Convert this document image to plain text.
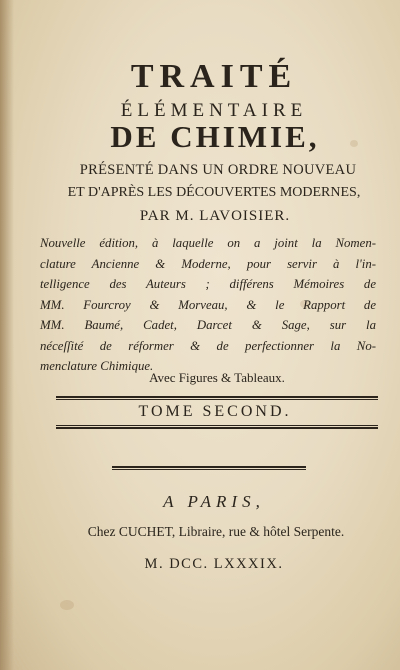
TRAITÉ
ÉLÉMENTAIRE
DE CHIMIE,
PRÉSENTÉ DANS UN ORDRE NOUVEAU
ET D'APRÈS LES DÉCOUVERTES MODERNES,
PAR M. LAVOISIER.
Nouvelle édition, à laquelle on a joint la Nomen-
clature Ancienne & Moderne, pour servir à l'in-
telligence des Auteurs ; différens Mémoires de
MM. Fourcroy & Morveau, & le Rapport de
MM. Baumé, Cadet, Darcet & Sage, sur la
néceſſité de réformer & de perfectionner la No-
menclature Chimique.
Avec Figures & Tableaux.
TOME SECOND.
A PARIS,
Chez CUCHET, Libraire, rue & hôtel Serpente.
M. DCC. LXXXIX.
